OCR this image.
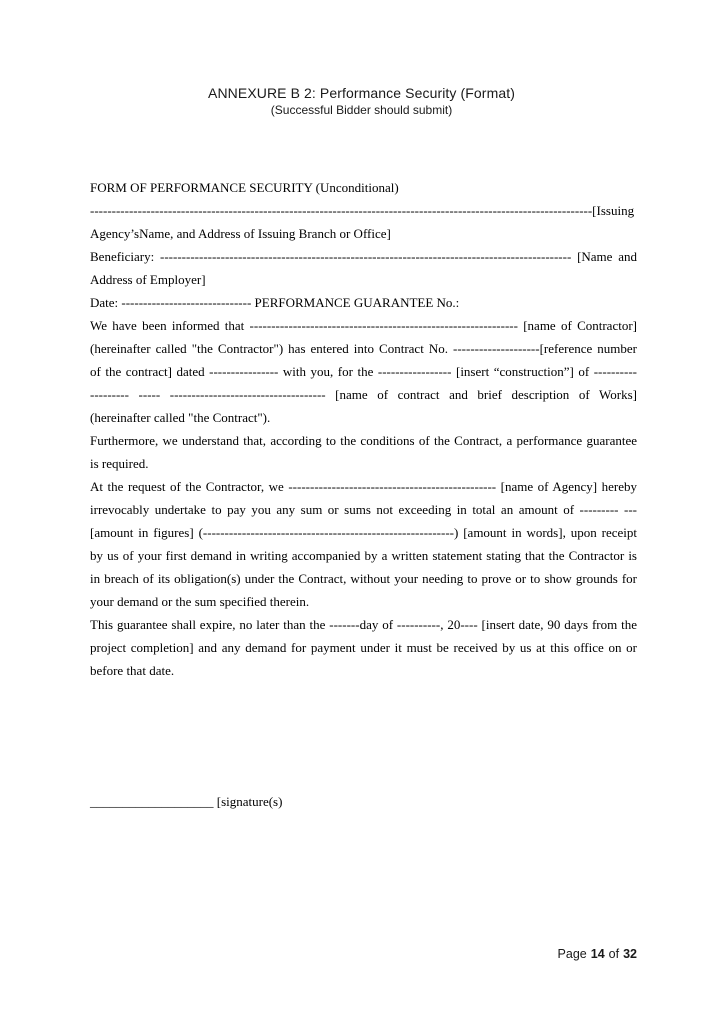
ANNEXURE B 2: Performance Security (Format)
(Successful Bidder should submit)
FORM OF PERFORMANCE SECURITY (Unconditional)
--------------------------------------------------------------------------------------------------------------------[Issuing
Agency’sName, and Address of Issuing Branch or Office]
Beneficiary: ----------------------------------------------------------------------------------------------- [Name and
Address of Employer]
Date: ------------------------------ PERFORMANCE GUARANTEE No.:
We have been informed that -------------------------------------------------------------- [name of Contractor]
(hereinafter called "the Contractor") has entered into Contract No. --------------------[reference number
of the contract] dated ---------------- with you, for the ----------------- [insert “construction”] of ----------
--------- ----- ------------------------------------ [name of contract and brief description of Works]
(hereinafter called "the Contract").
Furthermore, we understand that, according to the conditions of the Contract, a performance guarantee
is required.
At the request of the Contractor, we ------------------------------------------------ [name of Agency] hereby
irrevocably undertake to pay you any sum or sums not exceeding in total an amount of --------- ---
[amount in figures] (----------------------------------------------------------) [amount in words], upon receipt
by us of your first demand in writing accompanied by a written statement stating that the Contractor is
in breach of its obligation(s) under the Contract, without your needing to prove or to show grounds for
your demand or the sum specified therein.
This guarantee shall expire, no later than the -------day of ----------, 20---- [insert date, 90 days from the
project completion] and any demand for payment under it must be received by us at this office on or
before that date.
___________________ [signature(s)
Page 14 of 32
